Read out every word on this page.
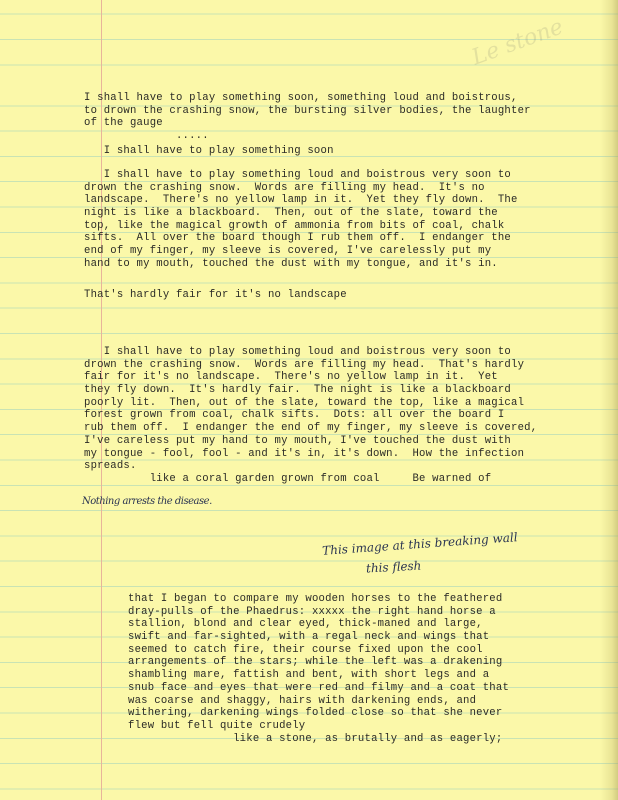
Le stone
I shall have to play something soon, something loud and boistrous,
to drown the crashing snow, the bursting silver bodies, the laughter
of the gauge
.....
I shall have to play something soon
I shall have to play something loud and boistrous very soon to
drown the crashing snow.  Words are filling my head.  It's no
landscape.  There's no yellow lamp in it.  Yet they fly down.  The
night is like a blackboard.  Then, out of the slate, toward the
top, like the magical growth of ammonia from bits of coal, chalk
sifts.  All over the board though I rub them off.  I endanger the
end of my finger, my sleeve is covered, I've carelessly put my
hand to my mouth, touched the dust with my tongue, and it's in.
That's hardly fair for it's no landscape
I shall have to play something loud and boistrous very soon to
drown the crashing snow.  Words are filling my head.  That's hardly
fair for it's no landscape.  There's no yellow lamp in it.  Yet
they fly down.  It's hardly fair.  The night is like a blackboard
poorly lit.  Then, out of the slate, toward the top, like a magical
forest grown from coal, chalk sifts.  Dots: all over the board I
rub them off.  I endanger the end of my finger, my sleeve is covered,
I've careless put my hand to my mouth, I've touched the dust with
my tongue - fool, fool - and it's in, it's down.  How the infection
spreads.
like a coral garden grown from coal     Be warned of
Nothing arrests the disease.
This image at this breaking wall
this flesh
that I began to compare my wooden horses to the feathered
dray-pulls of the Phaedrus: xxxxx the right hand horse a
stallion, blond and clear eyed, thick-maned and large,
swift and far-sighted, with a regal neck and wings that
seemed to catch fire, their course fixed upon the cool
arrangements of the stars; while the left was a drakening
shambling mare, fattish and bent, with short legs and a
snub face and eyes that were red and filmy and a coat that
was coarse and shaggy, hairs with darkening ends, and
withering, darkening wings folded close so that she never
flew but fell quite crudely
like a stone, as brutally and as eagerly;
